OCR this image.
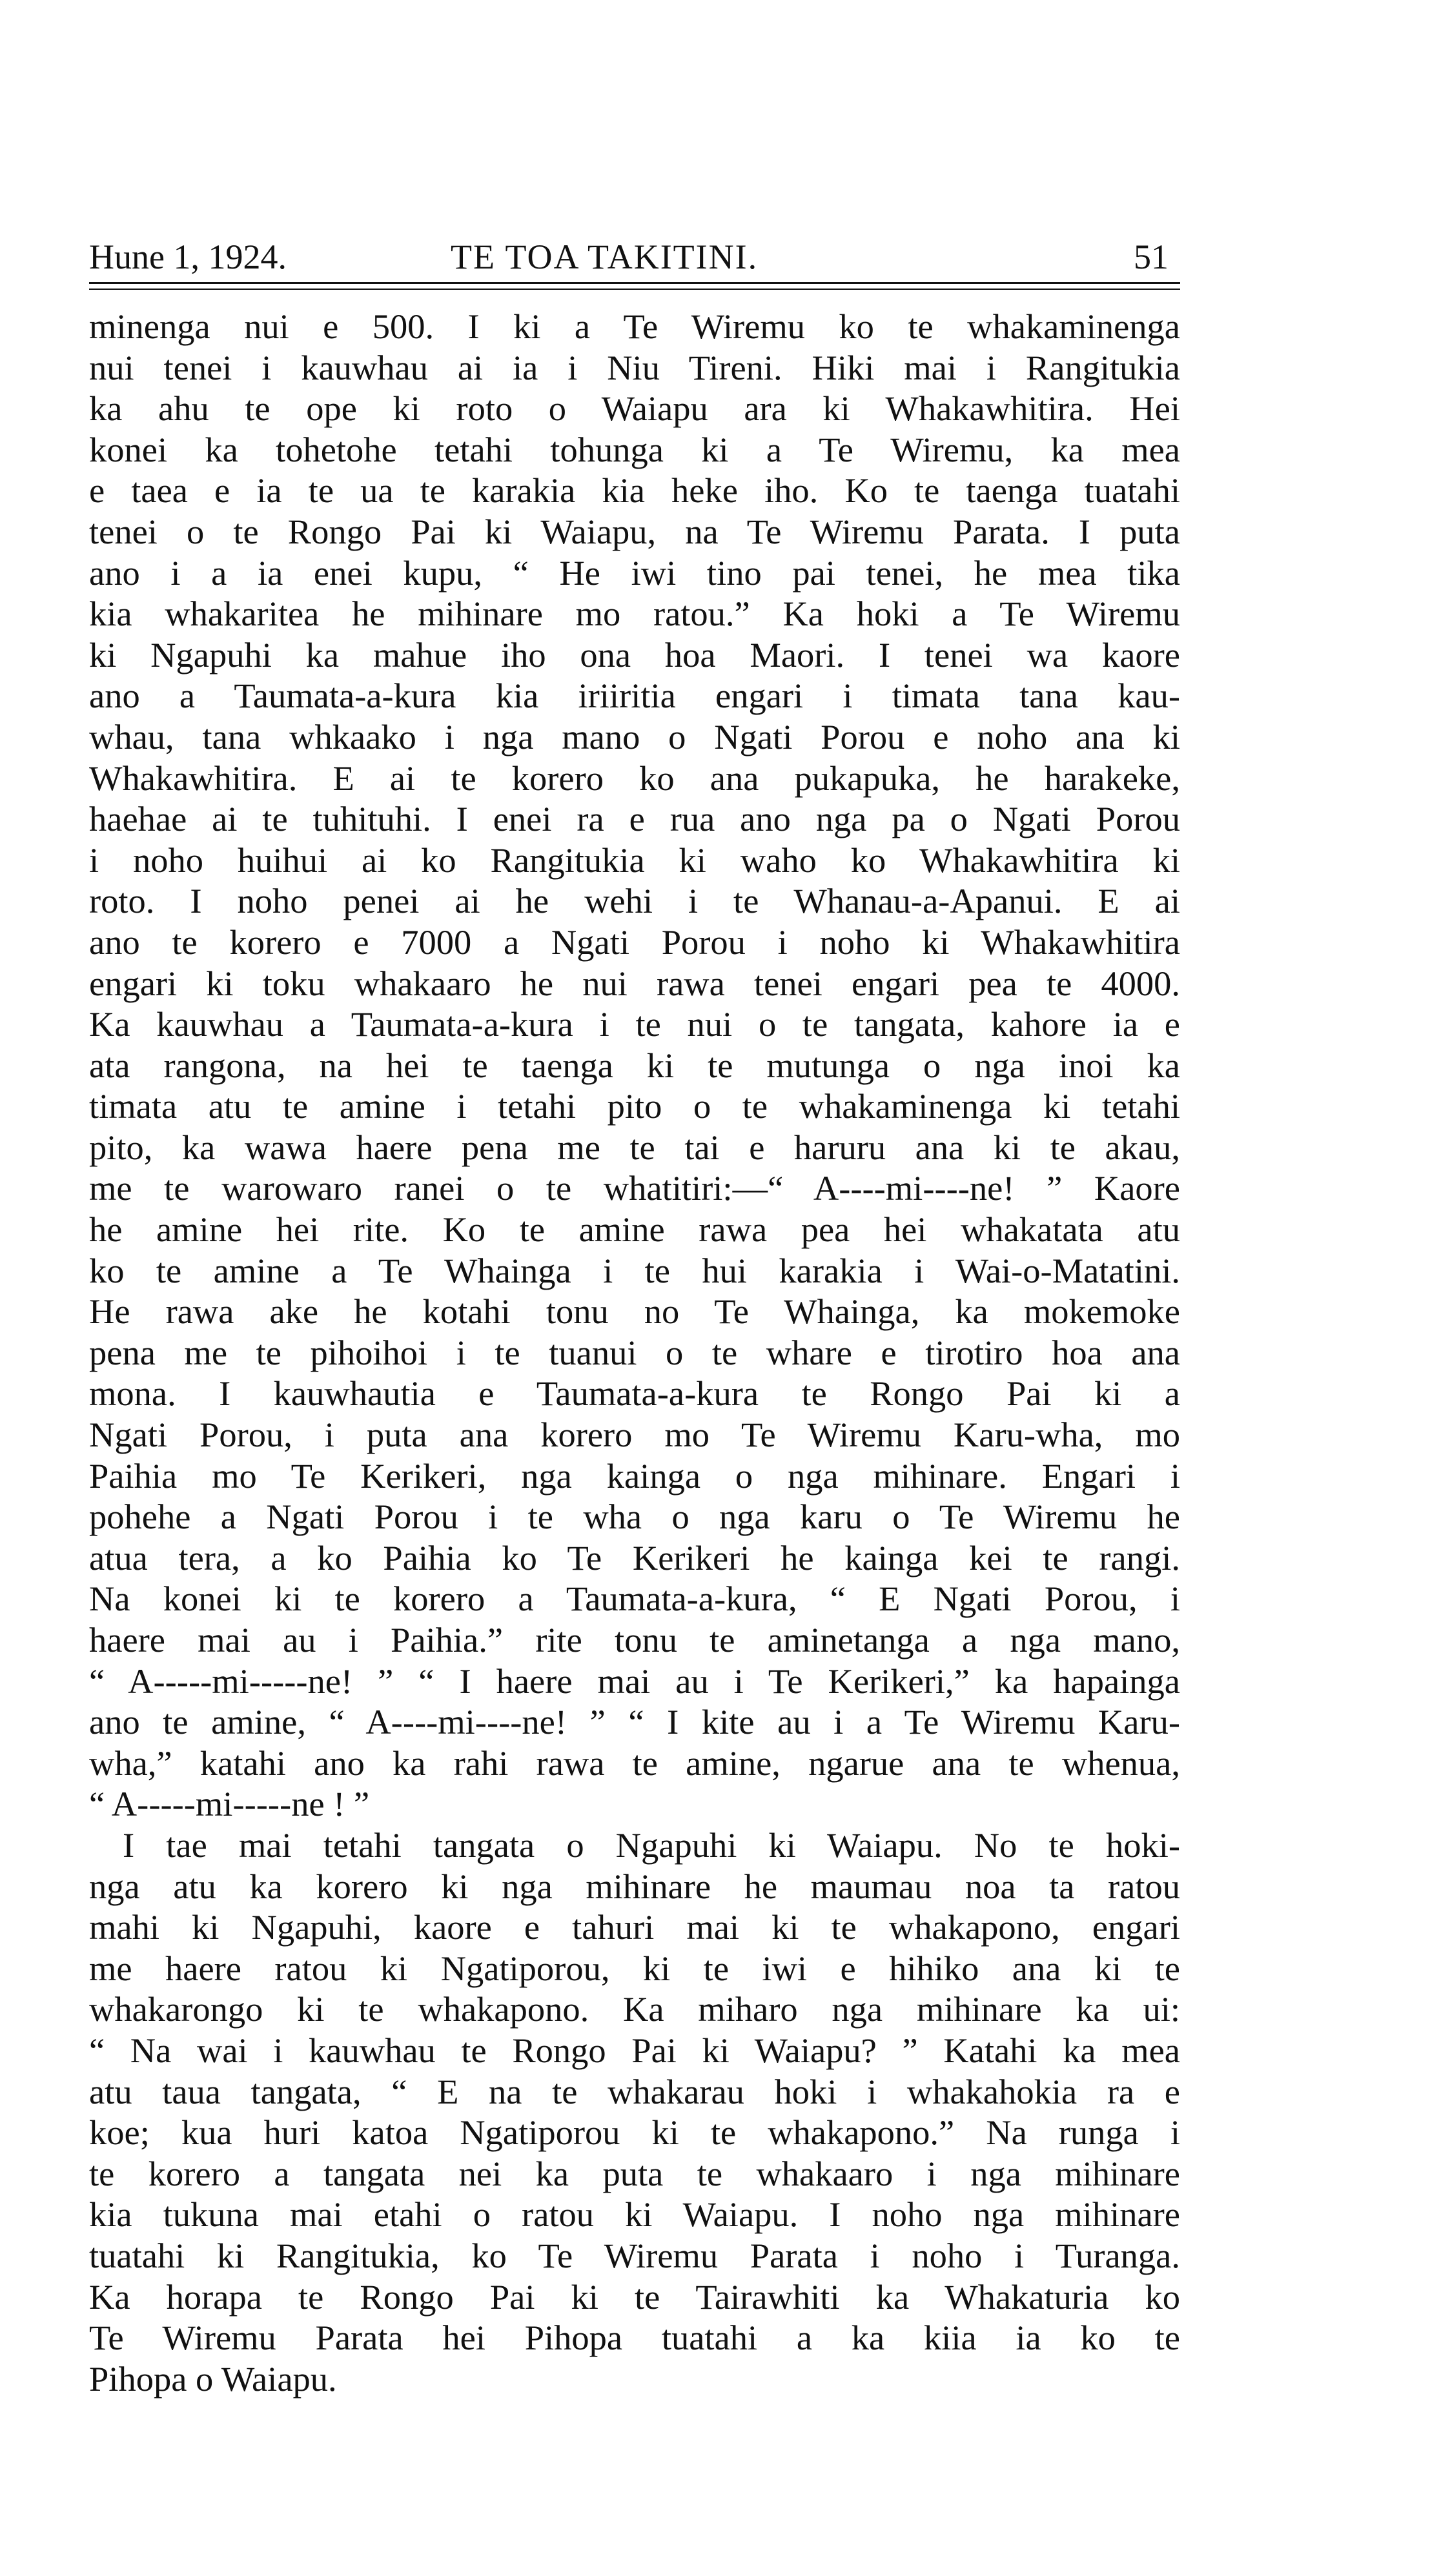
Hune 1, 1924.	TE TOA TAKITINI.	51
minenga nui e 500. I ki a Te Wiremu ko te whakaminenga
nui tenei i kauwhau ai ia i Niu Tireni. Hiki mai i Rangitukia
ka ahu te ope ki roto o Waiapu ara ki Whakawhitira. Hei
konei ka tohetohe tetahi tohunga ki a Te Wiremu, ka mea
e taea e ia te ua te karakia kia heke iho. Ko te taenga tuatahi
tenei o te Rongo Pai ki Waiapu, na Te Wiremu Parata. I puta
ano i a ia enei kupu, “ He iwi tino pai tenei, he mea tika
kia whakaritea he mihinare mo ratou.” Ka hoki a Te Wiremu
ki Ngapuhi ka mahue iho ona hoa Maori. I tenei wa kaore
ano a Taumata-a-kura kia iriiritia engari i timata tana kau-
whau, tana whkaako i nga mano o Ngati Porou e noho ana ki
Whakawhitira. E ai te korero ko ana pukapuka, he harakeke,
haehae ai te tuhituhi. I enei ra e rua ano nga pa o Ngati Porou
i noho huihui ai ko Rangitukia ki waho ko Whakawhitira ki
roto. I noho penei ai he wehi i te Whanau-a-Apanui. E ai
ano te korero e 7000 a Ngati Porou i noho ki Whakawhitira
engari ki toku whakaaro he nui rawa tenei engari pea te 4000.
Ka kauwhau a Taumata-a-kura i te nui o te tangata, kahore ia e
ata rangona, na hei te taenga ki te mutunga o nga inoi ka
timata atu te amine i tetahi pito o te whakaminenga ki tetahi
pito, ka wawa haere pena me te tai e haruru ana ki te akau,
me te warowaro ranei o te whatitiri:—“ A----mi----ne! ” Kaore
he amine hei rite. Ko te amine rawa pea hei whakatata atu
ko te amine a Te Whainga i te hui karakia i Wai-o-Matatini.
He rawa ake he kotahi tonu no Te Whainga, ka mokemoke
pena me te pihoihoi i te tuanui o te whare e tirotiro hoa ana
mona. I kauwhautia e Taumata-a-kura te Rongo Pai ki a
Ngati Porou, i puta ana korero mo Te Wiremu Karu-wha, mo
Paihia mo Te Kerikeri, nga kainga o nga mihinare. Engari i
pohehe a Ngati Porou i te wha o nga karu o Te Wiremu he
atua tera, a ko Paihia ko Te Kerikeri he kainga kei te rangi.
Na konei ki te korero a Taumata-a-kura, “ E Ngati Porou, i
haere mai au i Paihia.” rite tonu te aminetanga a nga mano,
“ A-----mi-----ne! ” “ I haere mai au i Te Kerikeri,” ka hapainga
ano te amine, “ A----mi----ne! ” “ I kite au i a Te Wiremu Karu-
wha,” katahi ano ka rahi rawa te amine, ngarue ana te whenua,
“ A-----mi-----ne ! ”
I tae mai tetahi tangata o Ngapuhi ki Waiapu. No te hoki-
nga atu ka korero ki nga mihinare he maumau noa ta ratou
mahi ki Ngapuhi, kaore e tahuri mai ki te whakapono, engari
me haere ratou ki Ngatiporou, ki te iwi e hihiko ana ki te
whakarongo ki te whakapono. Ka miharo nga mihinare ka ui:
“ Na wai i kauwhau te Rongo Pai ki Waiapu? ” Katahi ka mea
atu taua tangata, “ E na te whakarau hoki i whakahokia ra e
koe; kua huri katoa Ngatiporou ki te whakapono.” Na runga i
te korero a tangata nei ka puta te whakaaro i nga mihinare
kia tukuna mai etahi o ratou ki Waiapu. I noho nga mihinare
tuatahi ki Rangitukia, ko Te Wiremu Parata i noho i Turanga.
Ka horapa te Rongo Pai ki te Tairawhiti ka Whakaturia ko
Te Wiremu Parata hei Pihopa tuatahi a ka kiia ia ko te
Pihopa o Waiapu.
